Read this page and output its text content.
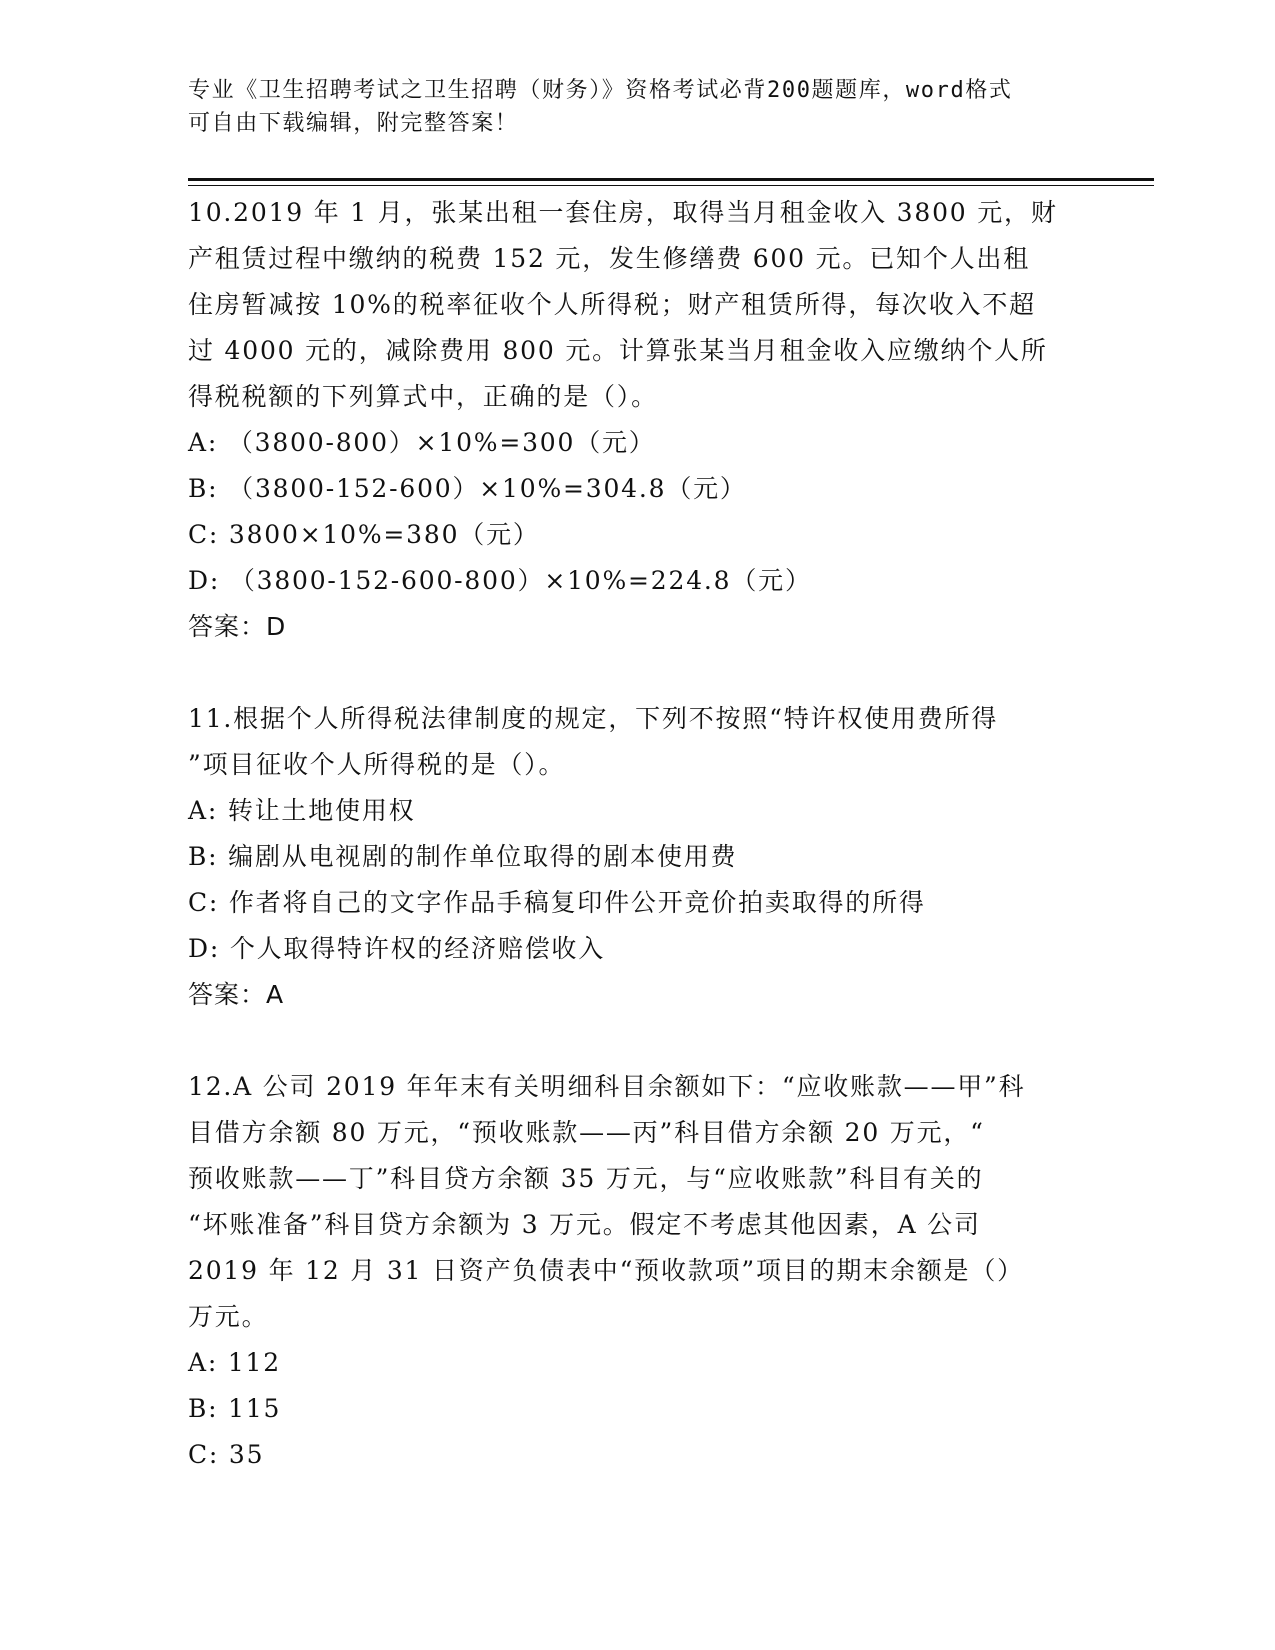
专业《卫生招聘考试之卫生招聘（财务）》资格考试必背200题题库，word格式
可自由下载编辑，附完整答案！
10.2019 年 1 月，张某出租一套住房，取得当月租金收入 3800 元，财
产租赁过程中缴纳的税费 152 元，发生修缮费 600 元。已知个人出租
住房暂减按 10%的税率征收个人所得税；财产租赁所得，每次收入不超
过 4000 元的，减除费用 800 元。计算张某当月租金收入应缴纳个人所
得税税额的下列算式中，正确的是（）。
A: （3800-800）×10%=300（元）
B: （3800-152-600）×10%=304.8（元）
C: 3800×10%=380（元）
D: （3800-152-600-800）×10%=224.8（元）
答案：D
11.根据个人所得税法律制度的规定，下列不按照“特许权使用费所得
”项目征收个人所得税的是（）。
A: 转让土地使用权
B: 编剧从电视剧的制作单位取得的剧本使用费
C: 作者将自己的文字作品手稿复印件公开竞价拍卖取得的所得
D: 个人取得特许权的经济赔偿收入
答案：A
12.A 公司 2019 年年末有关明细科目余额如下：“应收账款——甲”科
目借方余额 80 万元，“预收账款——丙”科目借方余额 20 万元，“
预收账款——丁”科目贷方余额 35 万元，与“应收账款”科目有关的
“坏账准备”科目贷方余额为 3 万元。假定不考虑其他因素，A 公司
2019 年 12 月 31 日资产负债表中“预收款项”项目的期末余额是（）
万元。
A: 112
B: 115
C: 35
